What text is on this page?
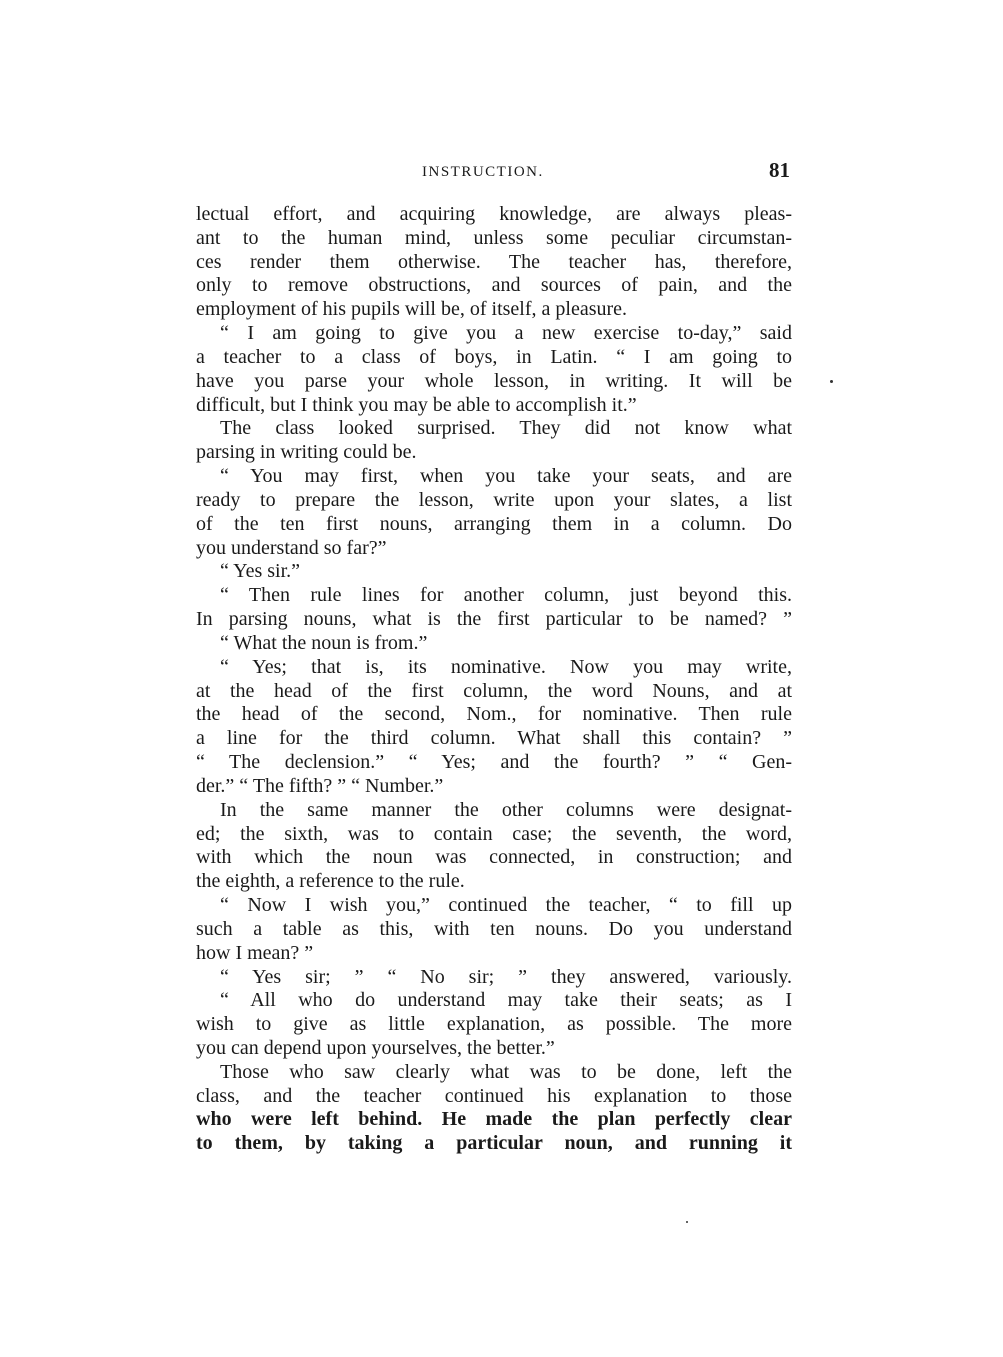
INSTRUCTION.	81
lectual effort, and acquiring knowledge, are always pleas-
ant to the human mind, unless some peculiar circumstan-
ces render them otherwise. The teacher has, therefore,
only to remove obstructions, and sources of pain, and the
employment of his pupils will be, of itself, a pleasure.
“ I am going to give you a new exercise to-day,” said
a teacher to a class of boys, in Latin. “ I am going to
have you parse your whole lesson, in writing. It will be
difficult, but I think you may be able to accomplish it.”
The class looked surprised. They did not know what
parsing in writing could be.
“ You may first, when you take your seats, and are
ready to prepare the lesson, write upon your slates, a list
of the ten first nouns, arranging them in a column. Do
you understand so far?”
“ Yes sir.”
“ Then rule lines for another column, just beyond this.
In parsing nouns, what is the first particular to be named? ”
“ What the noun is from.”
“ Yes; that is, its nominative. Now you may write,
at the head of the first column, the word Nouns, and at
the head of the second, Nom., for nominative. Then rule
a line for the third column. What shall this contain? ”
“ The declension.” “ Yes; and the fourth? ” “ Gen-
der.” “ The fifth? ” “ Number.”
In the same manner the other columns were designat-
ed; the sixth, was to contain case; the seventh, the word,
with which the noun was connected, in construction; and
the eighth, a reference to the rule.
“ Now I wish you,” continued the teacher, “ to fill up
such a table as this, with ten nouns. Do you understand
how I mean? ”
“ Yes sir; ” “ No sir; ” they answered, variously.
“ All who do understand may take their seats; as I
wish to give as little explanation, as possible. The more
you can depend upon yourselves, the better.”
Those who saw clearly what was to be done, left the
class, and the teacher continued his explanation to those
who were left behind. He made the plan perfectly clear
to them, by taking a particular noun, and running it
